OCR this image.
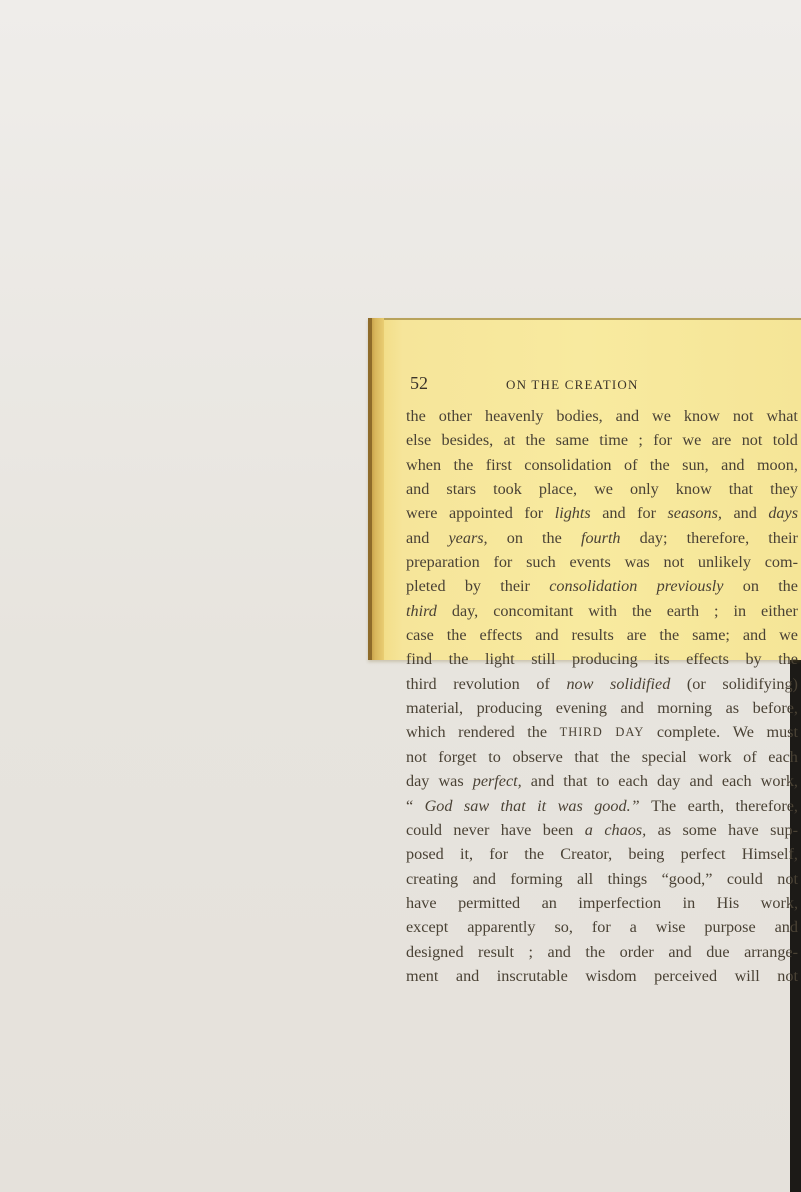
52	ON THE CREATION
the other heavenly bodies, and we know not what
else besides, at the same time ; for we are not told
when the first consolidation of the sun, and moon,
and stars took place, we only know that they
were appointed for lights and for seasons, and days
and years, on the fourth day; therefore, their
preparation for such events was not unlikely com-
pleted by their consolidation previously on the
third day, concomitant with the earth ; in either
case the effects and results are the same; and we
find the light still producing its effects by the
third revolution of now solidified (or solidifying)
material, producing evening and morning as before,
which rendered the THIRD DAY complete. We must
not forget to observe that the special work of each
day was perfect, and that to each day and each work,
“ God saw that it was good.” The earth, therefore,
could never have been a chaos, as some have sup-
posed it, for the Creator, being perfect Himself,
creating and forming all things “good,” could not
have permitted an imperfection in His work,
except apparently so, for a wise purpose and
designed result ; and the order and due arrange-
ment and inscrutable wisdom perceived will not
